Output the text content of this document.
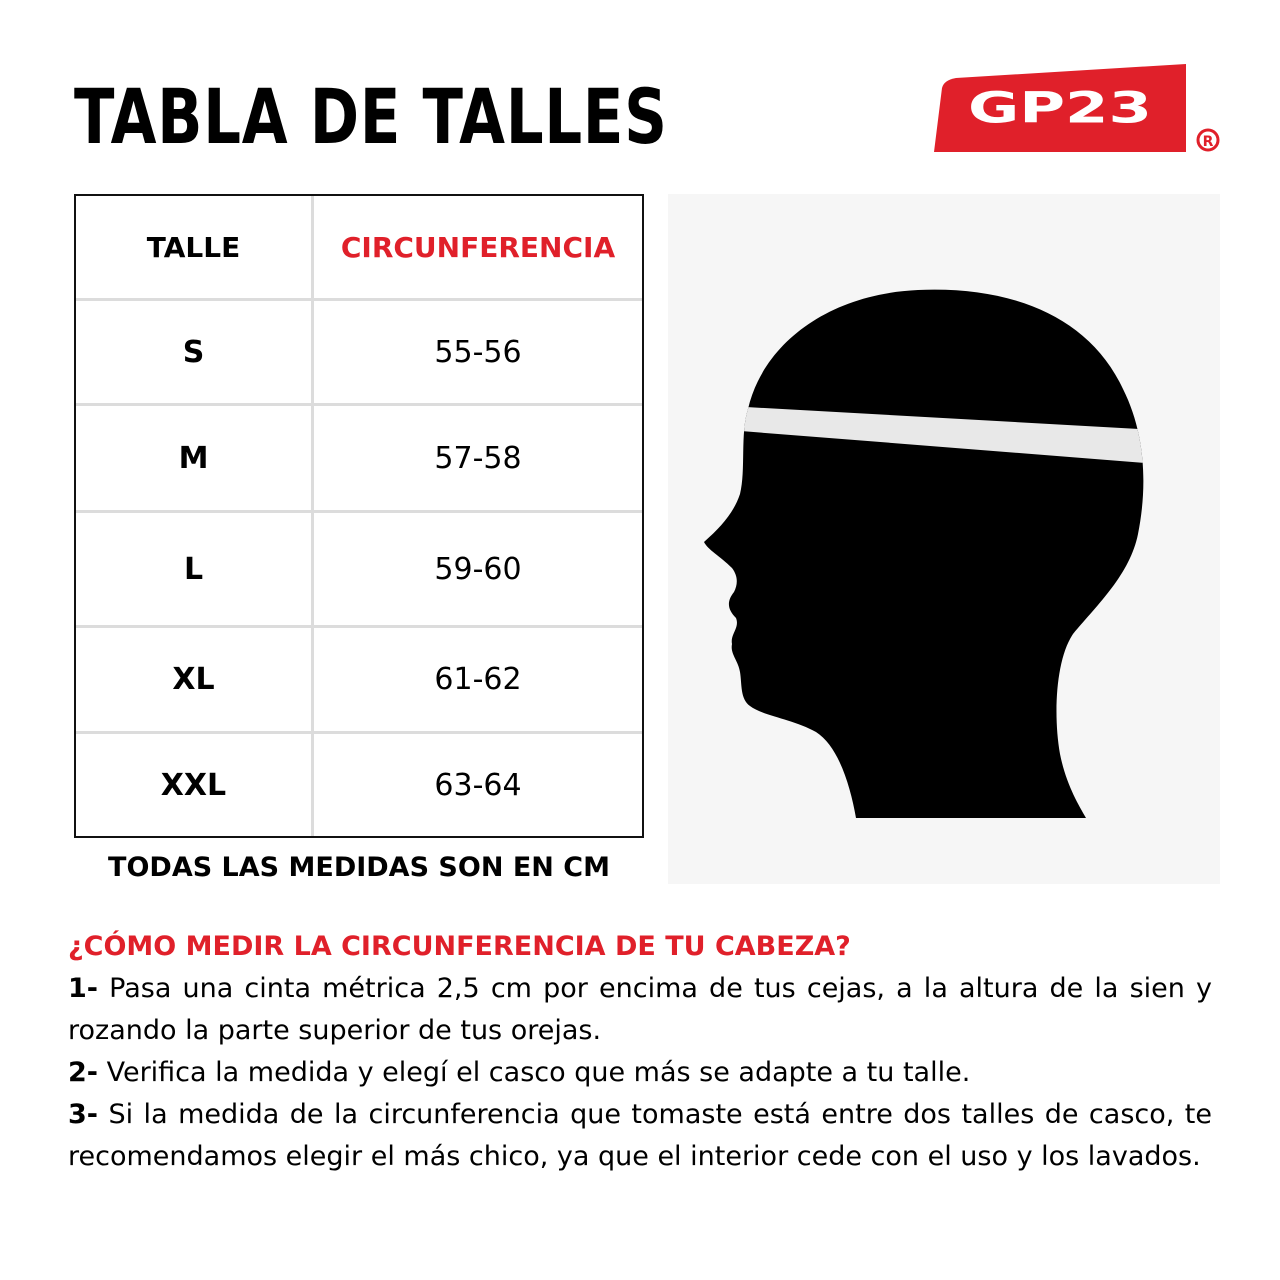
TABLA DE TALLES	GP23
R
TALLE	CIRCUNFERENCIA
S	55-56
M	57-58
L	59-60
XL	61-62
XXL	63-64
TODAS LAS MEDIDAS SON EN CM
¿CÓMO MEDIR LA CIRCUNFERENCIA DE TU CABEZA?

1- Pasa una cinta métrica 2,5 cm por encima de tus cejas, a la altura de la sien y rozando la parte superior de tus orejas.

2- Verifica la medida y elegí el casco que más se adapte a tu talle.

3- Si la medida de la circunferencia que tomaste está entre dos talles de casco, te recomendamos elegir el más chico, ya que el interior cede con el uso y los lavados.
